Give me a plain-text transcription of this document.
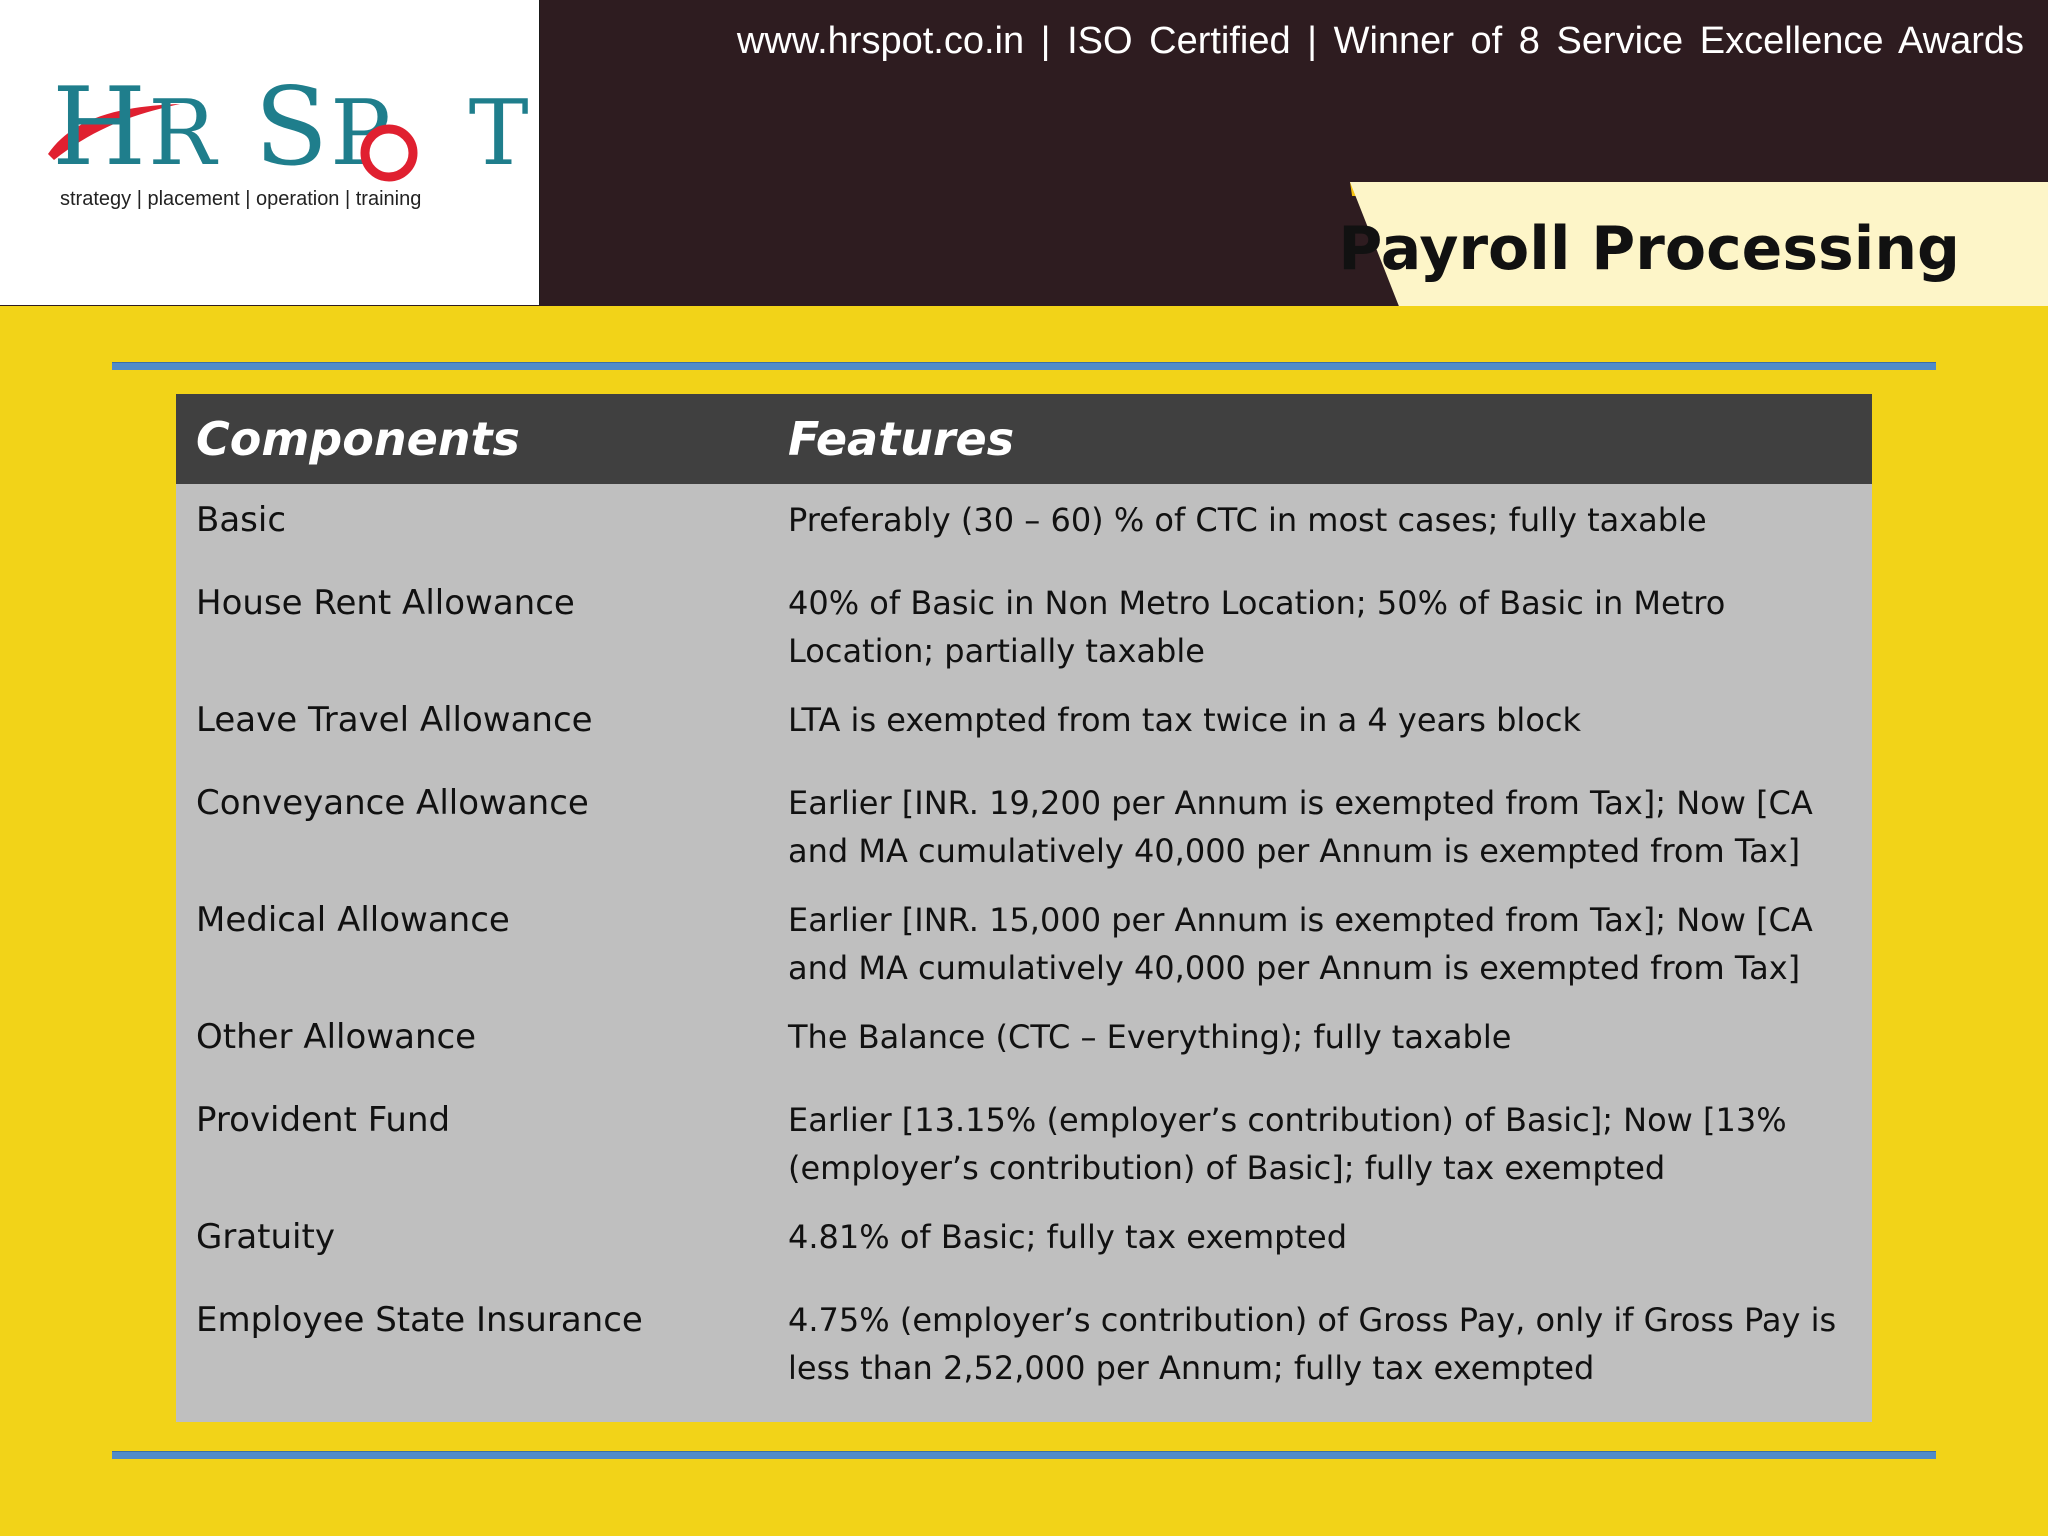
HR SP T
strategy | placement | operation | training
www.hrspot.co.in | ISO Certified | Winner of 8 Service Excellence Awards
Payroll Processing
Components	Features
Basic	Preferably (30 – 60) % of CTC in most cases; fully taxable
House Rent Allowance	40% of Basic in Non Metro Location; 50% of Basic in Metro Location; partially taxable
Leave Travel Allowance	LTA is exempted from tax twice in a 4 years block
Conveyance Allowance	Earlier [INR. 19,200 per Annum is exempted from Tax]; Now [CA and MA cumulatively 40,000 per Annum is exempted from Tax]
Medical Allowance	Earlier [INR. 15,000 per Annum is exempted from Tax]; Now [CA and MA cumulatively 40,000 per Annum is exempted from Tax]
Other Allowance	The Balance (CTC – Everything); fully taxable
Provident Fund	Earlier [13.15% (employer’s contribution) of Basic]; Now [13% (employer’s contribution) of Basic]; fully tax exempted
Gratuity	4.81% of Basic; fully tax exempted
Employee State Insurance	4.75% (employer’s contribution) of Gross Pay, only if Gross Pay is less than 2,52,000 per Annum; fully tax exempted
